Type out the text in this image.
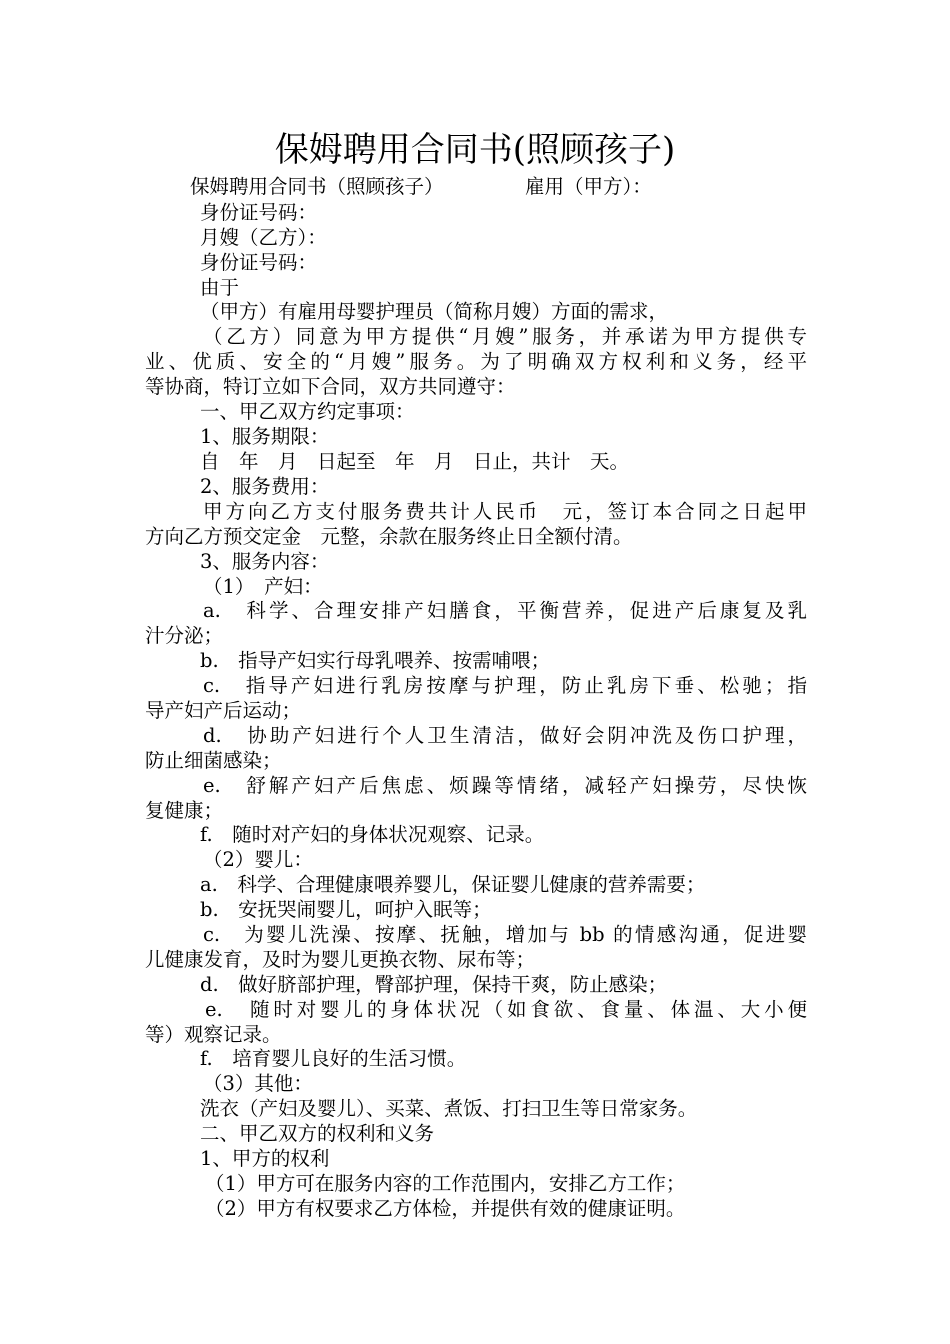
保姆聘用合同书(照顾孩子)
保姆聘用合同书（照顾孩子）	雇用（甲方）：
身份证号码：
月嫂（乙方）：
身份证号码：
由于
（甲方）有雇用母婴护理员（简称月嫂）方面的需求，
（乙方）同意为甲方提供“月嫂”服务，并承诺为甲方提供专
业、优质、安全的“月嫂”服务。为了明确双方权利和义务，经平
等协商，特订立如下合同，双方共同遵守：
一、甲乙双方约定事项：
1、服务期限：
自　年　月　日起至　年　月　日止，共计　天。
2、服务费用：
甲方向乙方支付服务费共计人民币　元，签订本合同之日起甲
方向乙方预交定金　元整，余款在服务终止日全额付清。
3、服务内容：
（1）　产妇：
a.　科学、合理安排产妇膳食，平衡营养，促进产后康复及乳
汁分泌；
b.　指导产妇实行母乳喂养、按需哺喂；
c.　指导产妇进行乳房按摩与护理，防止乳房下垂、松驰；指
导产妇产后运动；
d.　协助产妇进行个人卫生清洁，做好会阴冲洗及伤口护理，
防止细菌感染；
e.　舒解产妇产后焦虑、烦躁等情绪，减轻产妇操劳，尽快恢
复健康；
f.　随时对产妇的身体状况观察、记录。
（2）婴儿：
a.　科学、合理健康喂养婴儿，保证婴儿健康的营养需要；
b.　安抚哭闹婴儿，呵护入眠等；
c.　为婴儿洗澡、按摩、抚触，增加与 bb 的情感沟通，促进婴
儿健康发育，及时为婴儿更换衣物、尿布等；
d.　做好脐部护理，臀部护理，保持干爽，防止感染；
e.　随时对婴儿的身体状况（如食欲、食量、体温、大小便
等）观察记录。
f.　培育婴儿良好的生活习惯。
（3）其他：
洗衣（产妇及婴儿）、买菜、煮饭、打扫卫生等日常家务。
二、甲乙双方的权利和义务
1、甲方的权利
（1）甲方可在服务内容的工作范围内，安排乙方工作；
（2）甲方有权要求乙方体检，并提供有效的健康证明。
